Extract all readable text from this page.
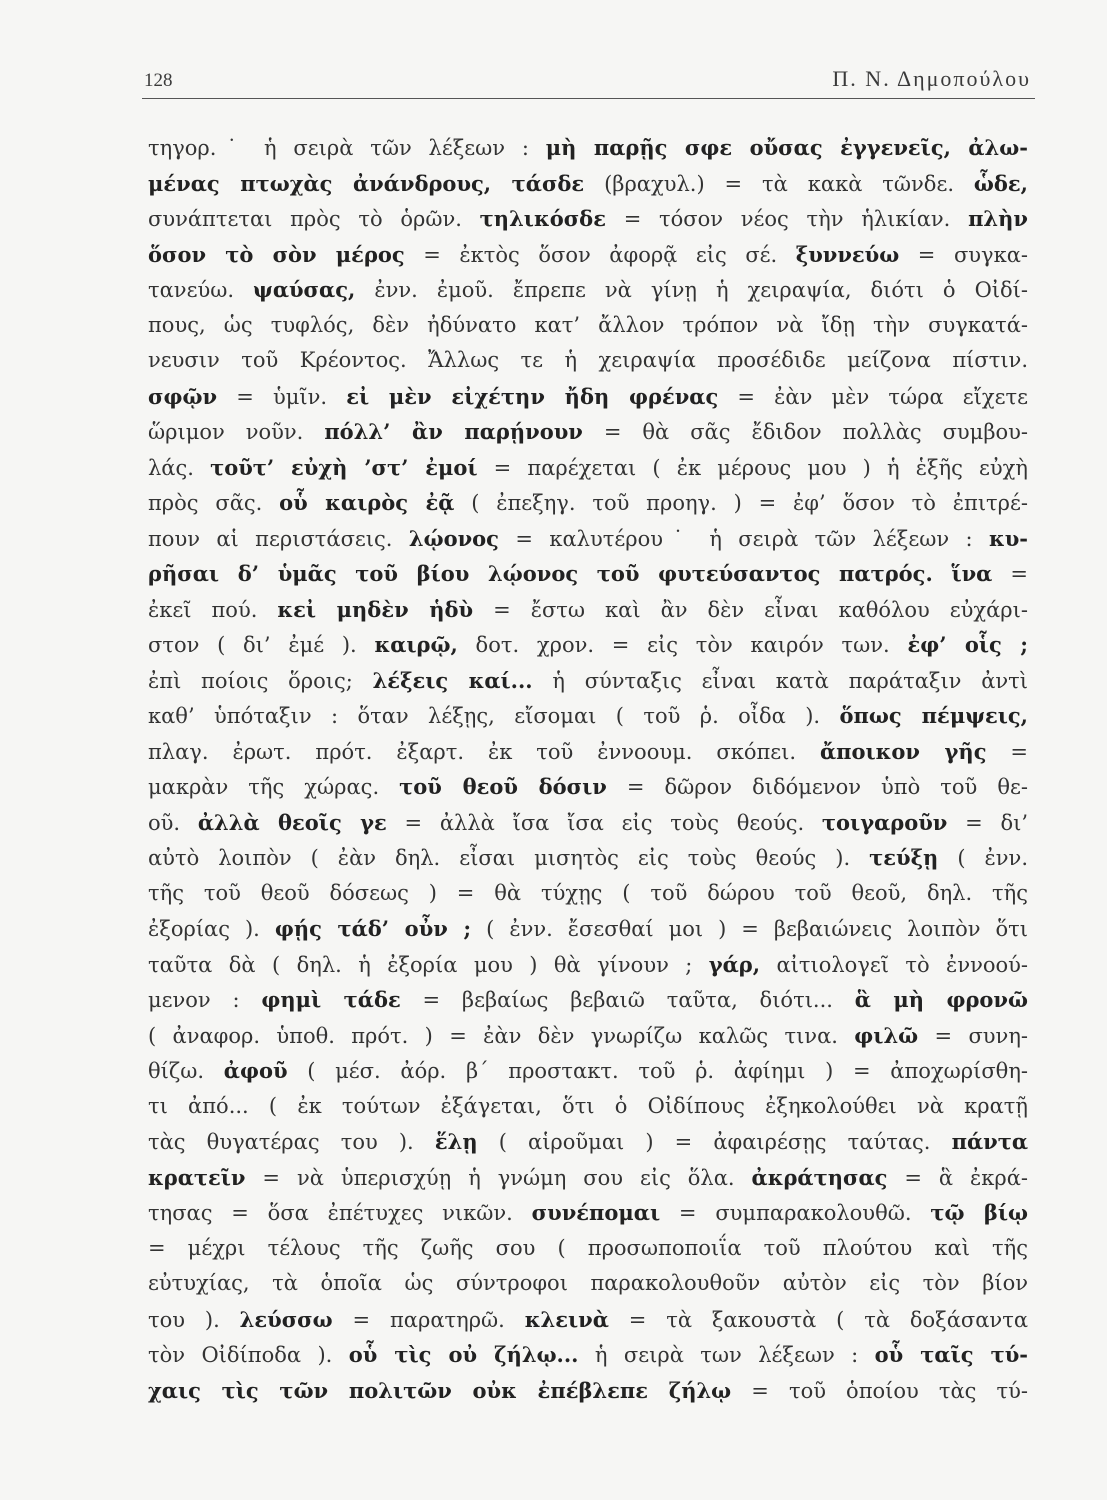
128	Π. Ν. Δημοπούλου
τηγορ.˙ ἡ σειρὰ τῶν λέξεων : μὴ παρῇς σφε οὔσας ἐγγενεῖς, ἀλω-
μένας πτωχὰς ἀνάνδρους, τάσδε (βραχυλ.) = τὰ κακὰ τῶνδε. ὧδε,
συνάπτεται πρὸς τὸ ὁρῶν. τηλικόσδε = τόσον νέος τὴν ἡλικίαν. πλὴν
ὅσον τὸ σὸν μέρος = ἐκτὸς ὅσον ἀφορᾷ εἰς σέ. ξυννεύω = συγκα-
τανεύω. ψαύσας, ἐνν. ἐμοῦ. ἔπρεπε νὰ γίνῃ ἡ χειραψία, διότι ὁ Οἰδί-
πους, ὡς τυφλός, δὲν ἠδύνατο κατ’ ἄλλον τρόπον νὰ ἴδῃ τὴν συγκατά-
νευσιν τοῦ Κρέοντος. Ἄλλως τε ἡ χειραψία προσέδιδε μείζονα πίστιν.
σφῷν = ὑμῖν. εἰ μὲν εἰχέτην ἤδη φρένας = ἐὰν μὲν τώρα εἴχετε
ὥριμον νοῦν. πόλλ’ ἂν παρῄνουν = θὰ σᾶς ἔδιδον πολλὰς συμβου-
λάς. τοῦτ’ εὐχὴ ’στ’ ἐμοί = παρέχεται ( ἐκ μέρους μου ) ἡ ἑξῆς εὐχὴ
πρὸς σᾶς. οὗ καιρὸς ἐᾷ ( ἐπεξηγ. τοῦ προηγ. ) = ἐφ’ ὅσον τὸ ἐπιτρέ-
πουν αἱ περιστάσεις. λῴονος = καλυτέρου˙ ἡ σειρὰ τῶν λέξεων : κυ-
ρῆσαι δ’ ὑμᾶς τοῦ βίου λῴονος τοῦ φυτεύσαντος πατρός. ἵνα =
ἐκεῖ πού. κεἰ μηδὲν ἡδὺ = ἔστω καὶ ἂν δὲν εἶναι καθόλου εὐχάρι-
στον ( δι’ ἐμέ ). καιρῷ, δοτ. χρον. = εἰς τὸν καιρόν των. ἐφ’ οἷς ;
ἐπὶ ποίοις ὅροις; λέξεις καί... ἡ σύνταξις εἶναι κατὰ παράταξιν ἀντὶ
καθ’ ὑπόταξιν : ὅταν λέξῃς, εἴσομαι ( τοῦ ῥ. οἶδα ). ὅπως πέμψεις,
πλαγ. ἐρωτ. πρότ. ἐξαρτ. ἐκ τοῦ ἐννοουμ. σκόπει. ἄποικον γῆς =
μακρὰν τῆς χώρας. τοῦ θεοῦ δόσιν = δῶρον διδόμενον ὑπὸ τοῦ θε-
οῦ. ἀλλὰ θεοῖς γε = ἀλλὰ ἴσα ἴσα εἰς τοὺς θεούς. τοιγαροῦν = δι’
αὐτὸ λοιπὸν ( ἐὰν δηλ. εἶσαι μισητὸς εἰς τοὺς θεούς ). τεύξῃ ( ἐνν.
τῆς τοῦ θεοῦ δόσεως ) = θὰ τύχῃς ( τοῦ δώρου τοῦ θεοῦ, δηλ. τῆς
ἐξορίας ). φῄς τάδ’ οὖν ; ( ἐνν. ἔσεσθαί μοι ) = βεβαιώνεις λοιπὸν ὅτι
ταῦτα δὰ ( δηλ. ἡ ἐξορία μου ) θὰ γίνουν ; γάρ, αἰτιολογεῖ τὸ ἐννοού-
μενον : φημὶ τάδε = βεβαίως βεβαιῶ ταῦτα, διότι... ἃ μὴ φρονῶ
( ἀναφορ. ὑποθ. πρότ. ) = ἐὰν δὲν γνωρίζω καλῶς τινα. φιλῶ = συνη-
θίζω. ἀφοῦ ( μέσ. ἀόρ. β΄ προστακτ. τοῦ ῥ. ἀφίημι ) = ἀποχωρίσθη-
τι ἀπό... ( ἐκ τούτων ἐξάγεται, ὅτι ὁ Οἰδίπους ἐξηκολούθει νὰ κρατῇ
τὰς θυγατέρας του ). ἕλῃ ( αἱροῦμαι ) = ἀφαιρέσῃς ταύτας. πάντα
κρατεῖν = νὰ ὑπερισχύῃ ἡ γνώμη σου εἰς ὅλα. ἀκράτησας = ἃ ἐκρά-
τησας = ὅσα ἐπέτυχες νικῶν. συνέπομαι = συμπαρακολουθῶ. τῷ βίῳ
= μέχρι τέλους τῆς ζωῆς σου ( προσωποποιΐα τοῦ πλούτου καὶ τῆς
εὐτυχίας, τὰ ὁποῖα ὡς σύντροφοι παρακολουθοῦν αὐτὸν εἰς τὸν βίον
του ). λεύσσω = παρατηρῶ. κλεινὰ = τὰ ξακουστὰ ( τὰ δοξάσαντα
τὸν Οἰδίποδα ). οὗ τὶς οὐ ζήλῳ... ἡ σειρὰ των λέξεων : οὗ ταῖς τύ-
χαις τὶς τῶν πολιτῶν οὐκ ἐπέβλεπε ζήλῳ = τοῦ ὁποίου τὰς τύ-
